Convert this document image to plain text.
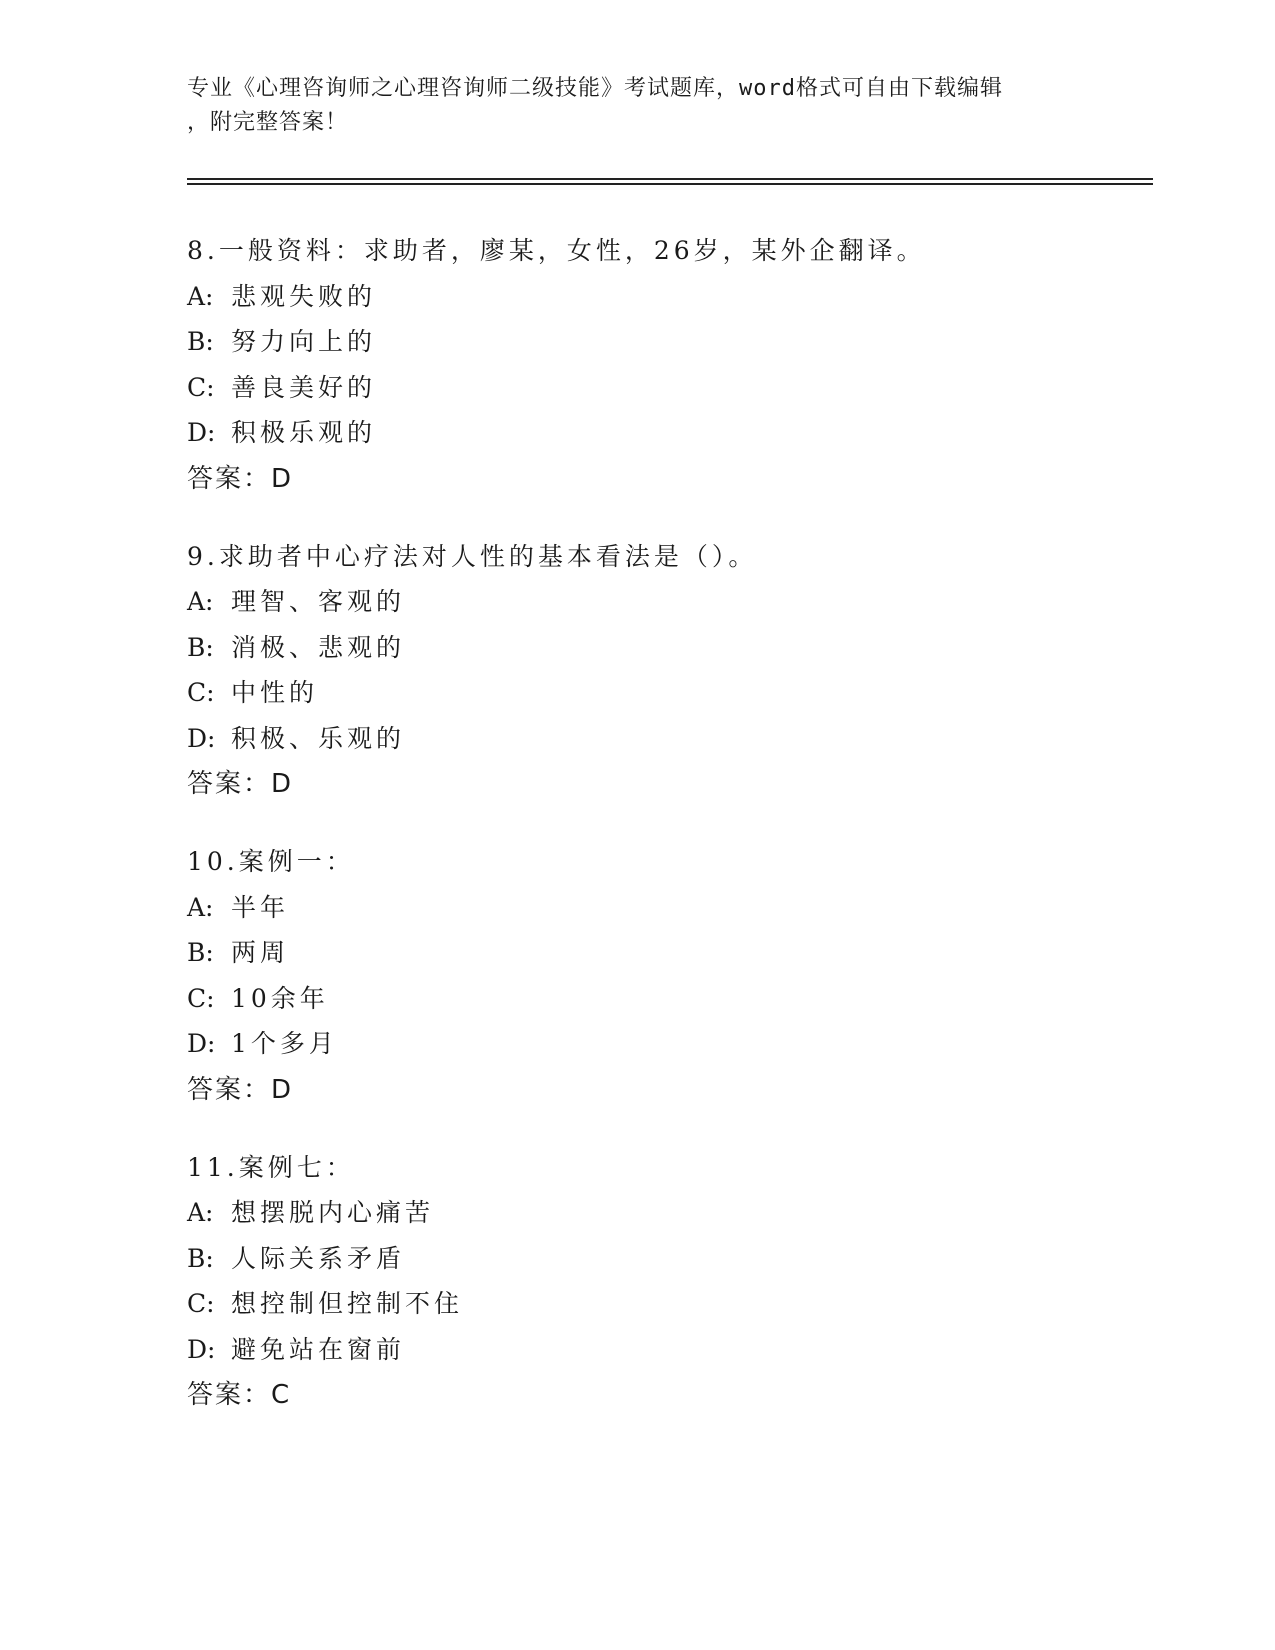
专业《心理咨询师之心理咨询师二级技能》考试题库，word格式可自由下载编辑
，附完整答案！
8.一般资料：求助者，廖某，女性，26岁，某外企翻译。
A: 悲观失败的
B: 努力向上的
C: 善良美好的
D: 积极乐观的
答案：D
9.求助者中心疗法对人性的基本看法是（）。
A: 理智、客观的
B: 消极、悲观的
C: 中性的
D: 积极、乐观的
答案：D
10.案例一：
A: 半年
B: 两周
C: 10余年
D: 1个多月
答案：D
11.案例七：
A: 想摆脱内心痛苦
B: 人际关系矛盾
C: 想控制但控制不住
D: 避免站在窗前
答案：C
